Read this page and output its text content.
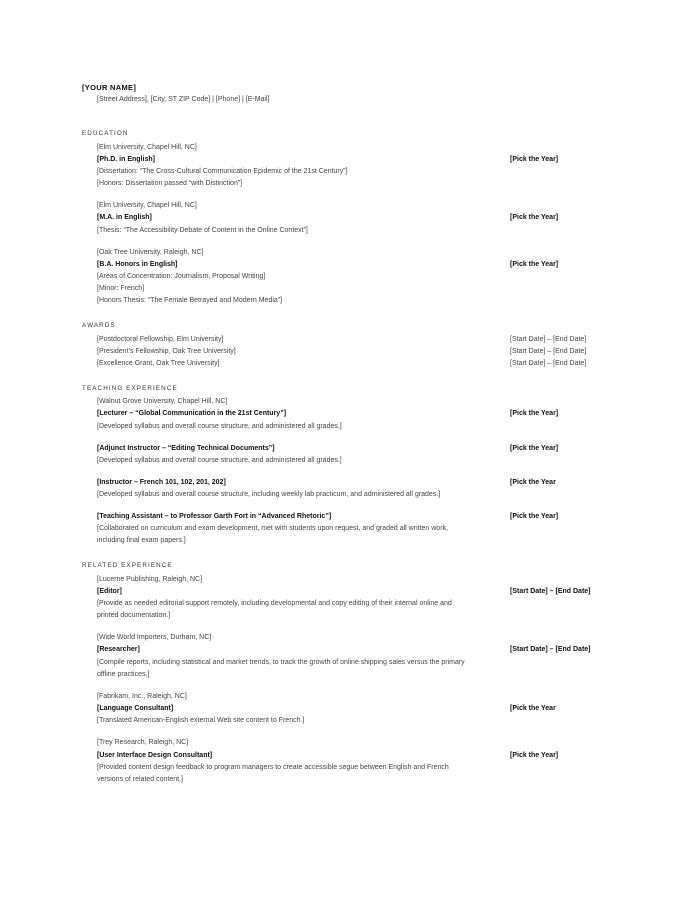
[YOUR NAME]
[Street Address], [City, ST ZIP Code] | [Phone] | [E-Mail]
EDUCATION
[Elm University, Chapel Hill, NC]
[Ph.D. in English]	[Pick the Year]
[Dissertation: “The Cross-Cultural Communication Epidemic of the 21st Century”]
[Honors: Dissertation passed “with Distinction”]
[Elm University, Chapel Hill, NC]
[M.A. in English]	[Pick the Year]
[Thesis: “The Accessibility Debate of Content in the Online Context”]
[Oak Tree University, Raleigh, NC]
[B.A. Honors in English]	[Pick the Year]
[Areas of Concentration: Journalism, Proposal Writing]
[Minor: French]
[Honors Thesis: “The Female Betrayed and Modern Media”]
AWARDS
[Postdoctoral Fellowship, Elm University]	[Start Date] – [End Date]
[President’s Fellowship, Oak Tree University]	[Start Date] – [End Date]
[Excellence Grant, Oak Tree University]	[Start Date] – [End Date]
TEACHING EXPERIENCE
[Walnut Grove University, Chapel Hill, NC]
[Lecturer – “Global Communication in the 21st Century”]	[Pick the Year]
[Developed syllabus and overall course structure, and administered all grades.]
[Adjunct Instructor – “Editing Technical Documents”]	[Pick the Year]
[Developed syllabus and overall course structure, and administered all grades.]
[Instructor – French 101, 102, 201, 202]	[Pick the Year
[Developed syllabus and overall course structure, including weekly lab practicum, and administered all grades.]
[Teaching Assistant – to Professor Garth Fort in “Advanced Rhetoric”]	[Pick the Year]
[Collaborated on curriculum and exam development, met with students upon request, and graded all written work, including final exam papers.]
RELATED EXPERIENCE
[Lucerne Publishing, Raleigh, NC]
[Editor]	[Start Date] – [End Date]
[Provide as needed editorial support remotely, including developmental and copy editing of their internal online and printed documentation.]
[Wide World Importers, Durham, NC]
[Researcher]	[Start Date] – [End Date]
[Compile reports, including statistical and market trends, to track the growth of online shipping sales versus the primary offline practices.]
[Fabrikam, Inc., Raleigh, NC]
[Language Consultant]	[Pick the Year
[Translated American-English external Web site content to French.]
[Trey Research, Raleigh, NC]
[User Interface Design Consultant]	[Pick the Year]
[Provided content design feedback to program managers to create accessible segue between English and French versions of related content.]
